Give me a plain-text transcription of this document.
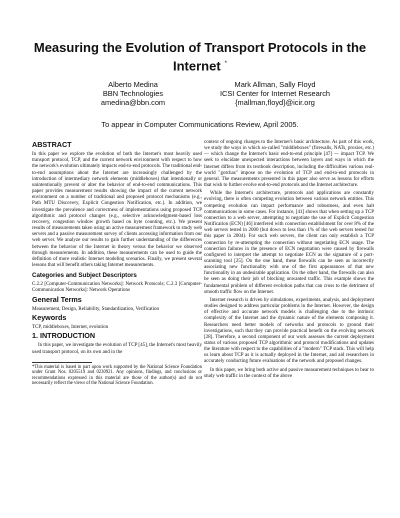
Measuring the Evolution of Transport Protocols in the
Internet *
Alberto Medina
BBN Technologies
amedina@bbn.com
Mark Allman, Sally Floyd
ICSI Center for Internet Research
{mallman,floyd}@icir.org
To appear in Computer Communications Review, April 2005.
ABSTRACT

In this paper we explore the evolution of both the Internet's most heavily used transport protocol, TCP, and the current network environment with respect to how the network's evolution ultimately impacts end-to-end protocols. The traditional end-to-end assumptions about the Internet are increasingly challenged by the introduction of intermediary network elements (middleboxes) that intentionally or unintentionally prevent or alter the behavior of end-to-end communications. This paper provides measurement results showing the impact of the current network environment on a number of traditional and proposed protocol mechanisms (e.g., Path MTU Discovery, Explicit Congestion Notification, etc.). In addition, we investigate the prevalence and correctness of implementations using proposed TCP algorithmic and protocol changes (e.g., selective acknowledgment-based loss recovery, congestion window growth based on byte counting, etc.). We present results of measurements taken using an active measurement framework to study web servers and a passive measurement survey of clients accessing information from our web server. We analyze our results to gain further understanding of the differences between the behavior of the Internet in theory versus the behavior we observed through measurements. In addition, these measurements can be used to guide the definition of more realistic Internet modeling scenarios. Finally, we present several lessons that will benefit others taking Internet measurements.

Categories and Subject Descriptors

C.2.2 [Computer-Communication Networks]: Network Protocols; C.2.3 [Computer-Communication Networks]: Network Operations

General Terms

Measurement, Design, Reliability, Standardization, Verification

Keywords

TCP, middleboxes, Internet, evolution

1. INTRODUCTION

In this paper, we investigate the evolution of TCP [45], the Internet's most heavily used transport protocol, on its own and in the

*This material is based in part upon work supported by the National Science Foundation under Grant Nos. 0205519 and 0230921. Any opinions, findings, and conclusions or recommendations expressed in this material are those of the author(s) and do not necessarily reflect the views of the National Science Foundation.

context of ongoing changes to the Internet's basic architecture. As part of this work, we study the ways in which so-called "middleboxes" (firewalls, NATs, proxies, etc.) — which change the Internet's basic end-to-end principle [47] — impact TCP. We seek to elucidate unexpected interactions between layers and ways in which the Internet differs from its textbook description, including the difficulties various real-world "gotchas" impose on the evolution of TCP and end-to-end protocols in general. The measurements presented in this paper also serve as lessons for efforts that wish to further evolve end-to-end protocols and the Internet architecture.

While the Internet's architecture, protocols and applications are constantly evolving, there is often competing evolution between various network entities. This competing evolution can impact performance and robustness, and even halt communications in some cases. For instance, [41] shows that when setting up a TCP connection to a web server, attempting to negotiate the use of Explicit Congestion Notification (ECN) [46] interfered with connection establishment for over 8% of the web servers tested in 2000 (but down to less than 1% of the web servers tested for this paper in 2004). For such web servers, the client can only establish a TCP connection by re-attempting the connection without negotiating ECN usage. The connection failures in the presence of ECN negotiation were caused by firewalls configured to interpret the attempt to negotiate ECN as the signature of a port-scanning tool [25]. On the one hand, these firewalls can be seen as incorrectly associating new functionality with one of the first appearances of that new functionality in an undesirable application. On the other hand, the firewalls can also be seen as doing their job of blocking unwanted traffic. This example shows the fundamental problem of different evolution paths that can cross to the detriment of smooth traffic flow on the Internet.

Internet research is driven by simulations, experiments, analysis, and deployment studies designed to address particular problems in the Internet. However, the design of effective and accurate network models is challenging due to the intrinsic complexity of the Internet and the dynamic nature of the elements composing it. Researchers need better models of networks and protocols to ground their investigations, such that they can provide practical benefit on the evolving network [28]. Therefore, a second component of our work assesses the current deployment status of various proposed TCP algorithmic and protocol modifications and updates the literature with respect to the capabilities of a "modern" TCP stack. This will help us learn about TCP as it is actually deployed in the Internet, and aid researchers in accurately conducting future evaluations of the network and proposed changes.

In this paper, we bring both active and passive measurement techniques to bear to study web traffic in the context of the above
